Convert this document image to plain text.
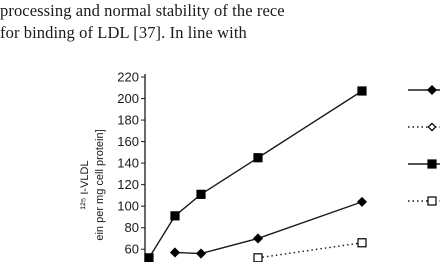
processing and normal stability of the rece

for binding of LDL [37]. In line with

¹²⁵ I-VLDL ein per mg cell protein]
220
200
180
160
140
120
100
80
60
